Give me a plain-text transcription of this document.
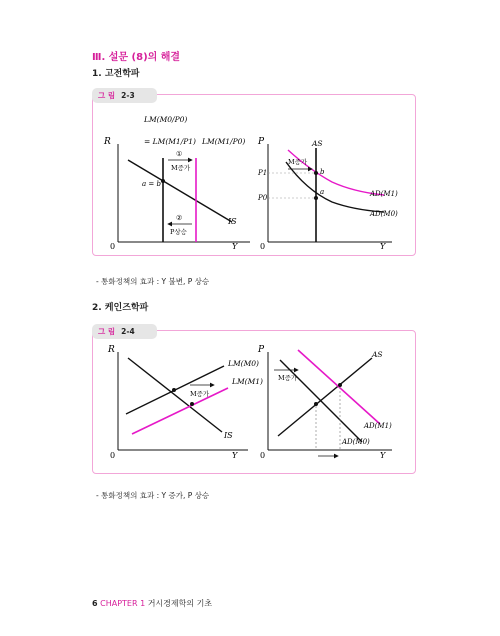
Ⅲ. 설문 (8)의 해결
1. 고전학파
그 림 2-3
R
0	Y
IS
LM(M0/P0)
= LM(M1/P1) LM(M1/P0)
①
M증가
a = b
②
P상승
P
0	Y
AS
b
a
P1
P0
M증가
AD(M1)
AD(M0)
- 통화정책의 효과 : Y 불변, P 상승
2. 케인즈학파
그 림 2-4
R
0	Y
IS
LM(M0)
LM(M1)
M증가
P
0	Y
AS
M증가
AD(M1)
AD(M0)
- 통화정책의 효과 : Y 증가, P 상승
6 CHAPTER 1 거시경제학의 기초
